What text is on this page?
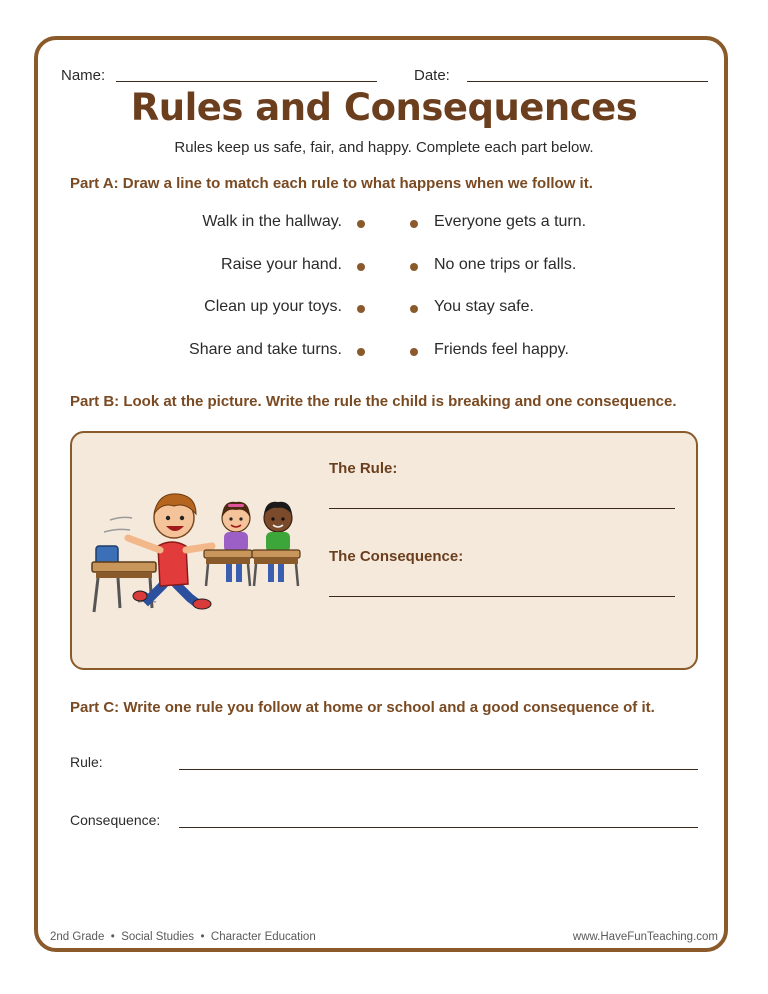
Name:	Date:
Rules and Consequences
Rules keep us safe, fair, and happy. Complete each part below.
Part A: Draw a line to match each rule to what happens when we follow it.
Walk in the hallway.
Raise your hand.
Clean up your toys.
Share and take turns.
Everyone gets a turn.
No one trips or falls.
You stay safe.
Friends feel happy.
Part B: Look at the picture. Write the rule the child is breaking and one consequence.
The Rule:
The Consequence:
Part C: Write one rule you follow at home or school and a good consequence of it.
Rule:
Consequence:
2nd Grade  •  Social Studies  •  Character Education	www.HaveFunTeaching.com
